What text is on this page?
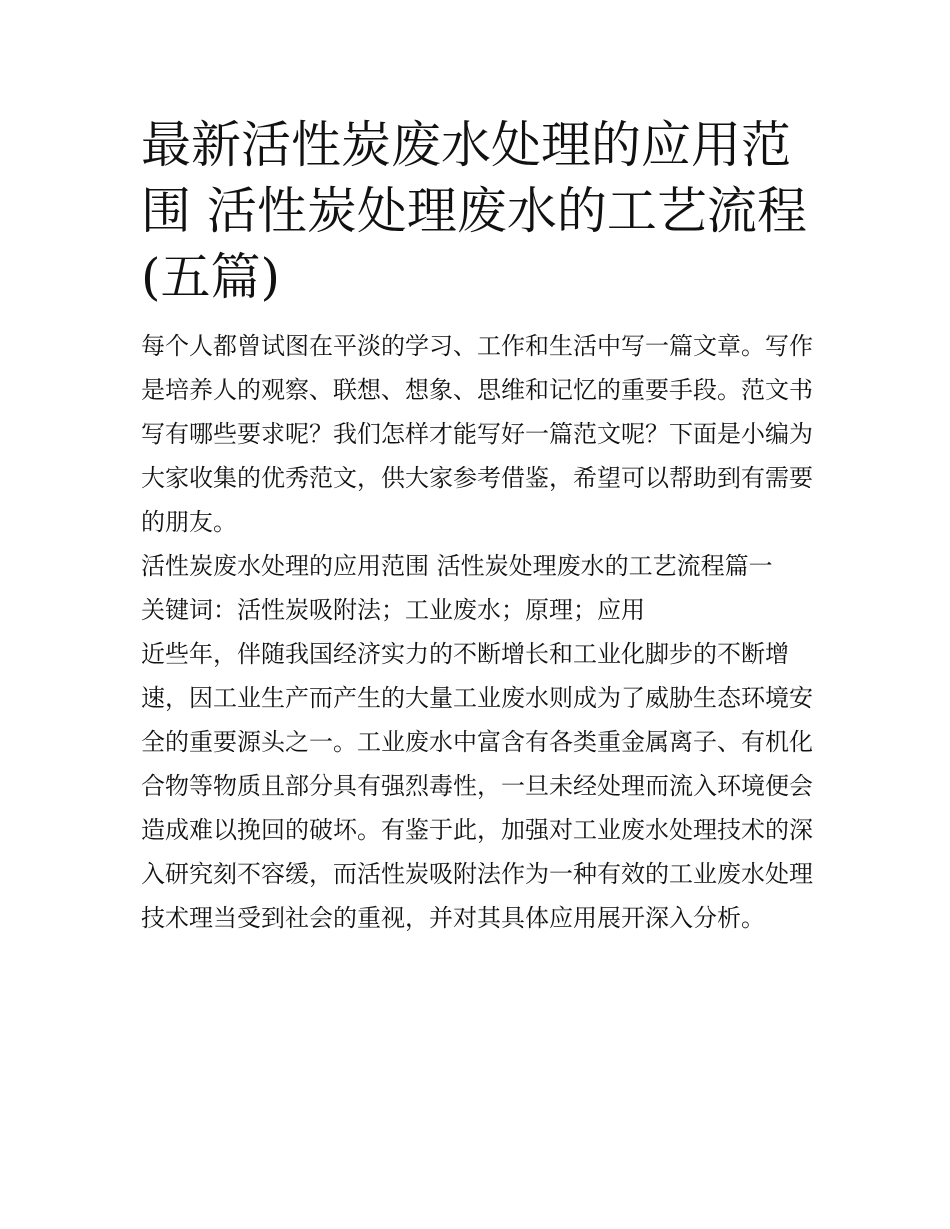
最新活性炭废水处理的应用范围 活性炭处理废水的工艺流程(五篇)

每个人都曾试图在平淡的学习、工作和生活中写一篇文章。写作是培养人的观察、联想、想象、思维和记忆的重要手段。范文书写有哪些要求呢？我们怎样才能写好一篇范文呢？下面是小编为大家收集的优秀范文，供大家参考借鉴，希望可以帮助到有需要的朋友。

活性炭废水处理的应用范围 活性炭处理废水的工艺流程篇一

关键词：活性炭吸附法；工业废水；原理；应用

近些年，伴随我国经济实力的不断增长和工业化脚步的不断增速，因工业生产而产生的大量工业废水则成为了威胁生态环境安全的重要源头之一。工业废水中富含有各类重金属离子、有机化合物等物质且部分具有强烈毒性，一旦未经处理而流入环境便会造成难以挽回的破坏。有鉴于此，加强对工业废水处理技术的深入研究刻不容缓，而活性炭吸附法作为一种有效的工业废水处理技术理当受到社会的重视，并对其具体应用展开深入分析。
